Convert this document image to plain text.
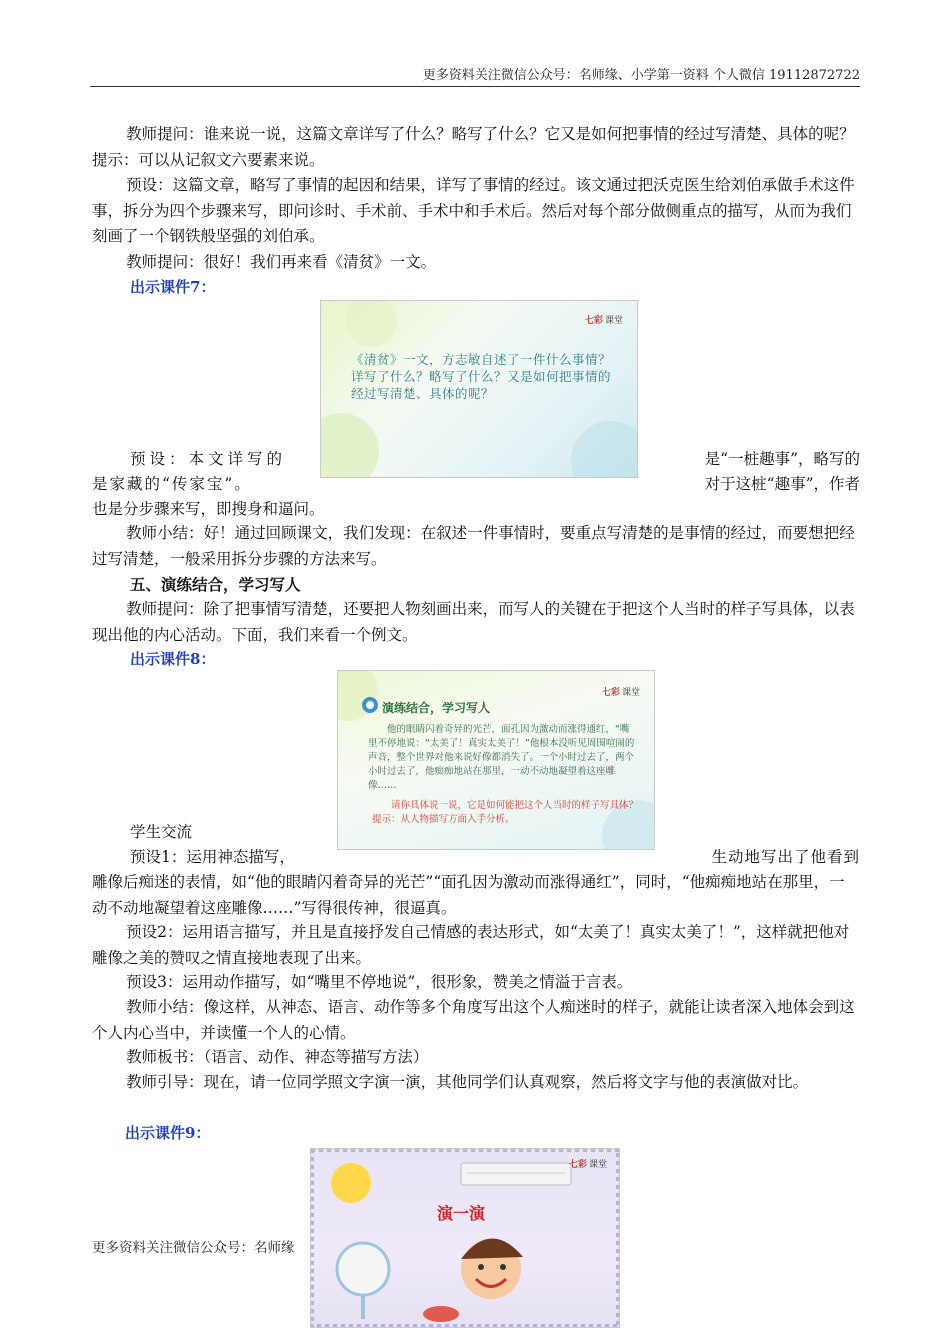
更多资料关注微信公众号：名师缘、小学第一资料 个人微信 19112872722

教师提问：谁来说一说，这篇文章详写了什么？略写了什么？它又是如何把事情的经过写清楚、具体的呢？提示：可以从记叙文六要素来说。

预设：这篇文章，略写了事情的起因和结果，详写了事情的经过。该文通过把沃克医生给刘伯承做手术这件事，拆分为四个步骤来写，即问诊时、手术前、手术中和手术后。然后对每个部分做侧重点的描写，从而为我们刻画了一个钢铁般坚强的刘伯承。

教师提问：很好！我们再来看《清贫》一文。

出示课件7：

七彩 课堂
《清贫》一文，方志敏自述了一件什么事情？详写了什么？略写了什么？又是如何把事情的经过写清楚、具体的呢？

预设：本文详写的	是“一桩趣事”，略写的

是家藏的“传家宝”。	对于这桩“趣事”，作者

也是分步骤来写，即搜身和逼问。

教师小结：好！通过回顾课文，我们发现：在叙述一件事情时，要重点写清楚的是事情的经过，而要想把经过写清楚，一般采用拆分步骤的方法来写。

五、演练结合，学习写人

教师提问：除了把事情写清楚，还要把人物刻画出来，而写人的关键在于把这个人当时的样子写具体，以表现出他的内心活动。下面，我们来看一个例文。

出示课件8：

七彩 课堂
演练结合，学习写人
他的眼睛闪着奇异的光芒，面孔因为激动而涨得通红，“嘴里不停地说：“太美了！真实太美了！”他根本没听见周围喧闹的声音，整个世界对他来说好像都消失了。一个小时过去了，两个小时过去了，他痴痴地站在那里，一动不动地凝望着这座雕像……
请你具体说一说，它是如何能把这个人当时的样子写具体？提示：从人物描写方面入手分析。

学生交流

预设1：运用神态描写，	生动地写出了他看到

雕像后痴迷的表情，如“他的眼睛闪着奇异的光芒”“面孔因为激动而涨得通红”，同时，“他痴痴地站在那里，一动不动地凝望着这座雕像……”写得很传神，很逼真。

预设2：运用语言描写，并且是直接抒发自己情感的表达形式，如“太美了！真实太美了！”，这样就把他对雕像之美的赞叹之情直接地表现了出来。

预设3：运用动作描写，如“嘴里不停地说”，很形象，赞美之情溢于言表。

教师小结：像这样，从神态、语言、动作等多个角度写出这个人痴迷时的样子，就能让读者深入地体会到这个人内心当中，并读懂一个人的心情。

教师板书：（语言、动作、神态等描写方法）

教师引导：现在，请一位同学照文字演一演，其他同学们认真观察，然后将文字与他的表演做对比。

出示课件9：

七彩 课堂
演一演
更多资料关注微信公众号：名师缘
